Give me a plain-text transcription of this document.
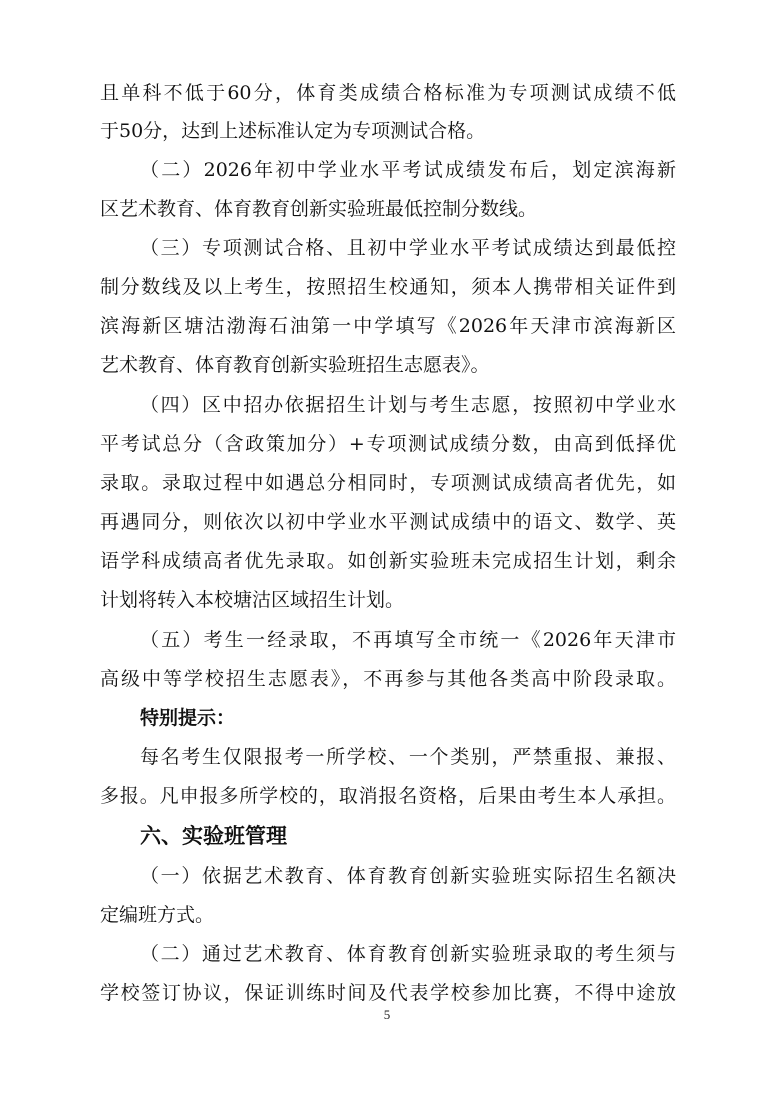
且单科不低于60分，体育类成绩合格标准为专项测试成绩不低
于50分，达到上述标准认定为专项测试合格。
（二）2026年初中学业水平考试成绩发布后，划定滨海新
区艺术教育、体育教育创新实验班最低控制分数线。
（三）专项测试合格、且初中学业水平考试成绩达到最低控
制分数线及以上考生，按照招生校通知，须本人携带相关证件到
滨海新区塘沽渤海石油第一中学填写《2026年天津市滨海新区
艺术教育、体育教育创新实验班招生志愿表》。
（四）区中招办依据招生计划与考生志愿，按照初中学业水
平考试总分（含政策加分）+专项测试成绩分数，由高到低择优
录取。录取过程中如遇总分相同时，专项测试成绩高者优先，如
再遇同分，则依次以初中学业水平测试成绩中的语文、数学、英
语学科成绩高者优先录取。如创新实验班未完成招生计划，剩余
计划将转入本校塘沽区域招生计划。
（五）考生一经录取，不再填写全市统一《2026年天津市
高级中等学校招生志愿表》，不再参与其他各类高中阶段录取。
特别提示：
每名考生仅限报考一所学校、一个类别，严禁重报、兼报、
多报。凡申报多所学校的，取消报名资格，后果由考生本人承担。
六、实验班管理
（一）依据艺术教育、体育教育创新实验班实际招生名额决
定编班方式。
（二）通过艺术教育、体育教育创新实验班录取的考生须与
学校签订协议，保证训练时间及代表学校参加比赛，不得中途放
5
